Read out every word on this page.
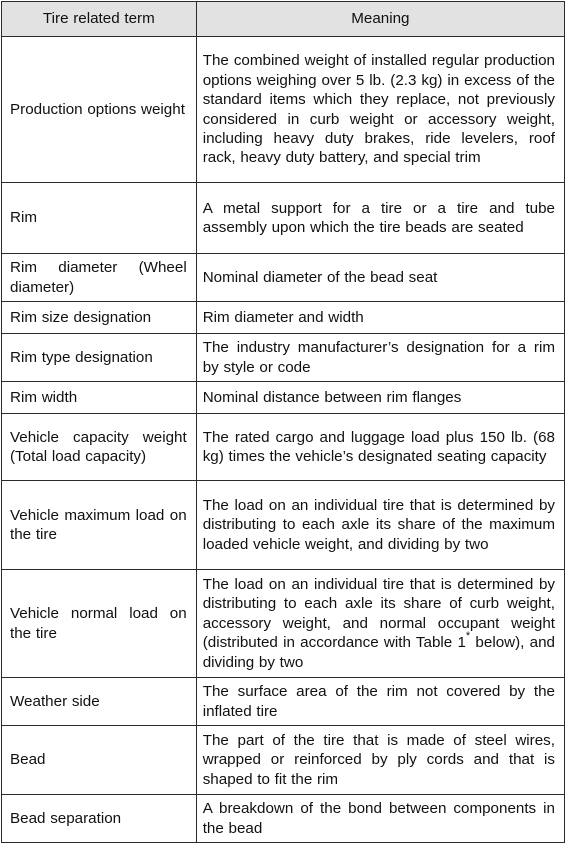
Tire related term	Meaning
Production options weight	The combined weight of installed regular production options weighing over 5 lb. (2.3 kg) in excess of the standard items which they replace, not previously considered in curb weight or accessory weight, including heavy duty brakes, ride levelers, roof rack, heavy duty battery, and special trim
Rim	A metal support for a tire or a tire and tube assembly upon which the tire beads are seated
Rim diameter (Wheel diameter)	Nominal diameter of the bead seat
Rim size designation	Rim diameter and width
Rim type designation	The industry manufacturer’s designation for a rim by style or code
Rim width	Nominal distance between rim flanges
Vehicle capacity weight (Total load capacity)	The rated cargo and luggage load plus 150 lb. (68 kg) times the vehicle’s designated seating capacity
Vehicle maximum load on the tire	The load on an individual tire that is determined by distributing to each axle its share of the maximum loaded vehicle weight, and dividing by two
Vehicle normal load on the tire	The load on an individual tire that is determined by distributing to each axle its share of curb weight, accessory weight, and normal occupant weight (distributed in accordance with Table 1* below), and dividing by two
Weather side	The surface area of the rim not covered by the inflated tire
Bead	The part of the tire that is made of steel wires, wrapped or reinforced by ply cords and that is shaped to fit the rim
Bead separation	A breakdown of the bond between components in the bead
